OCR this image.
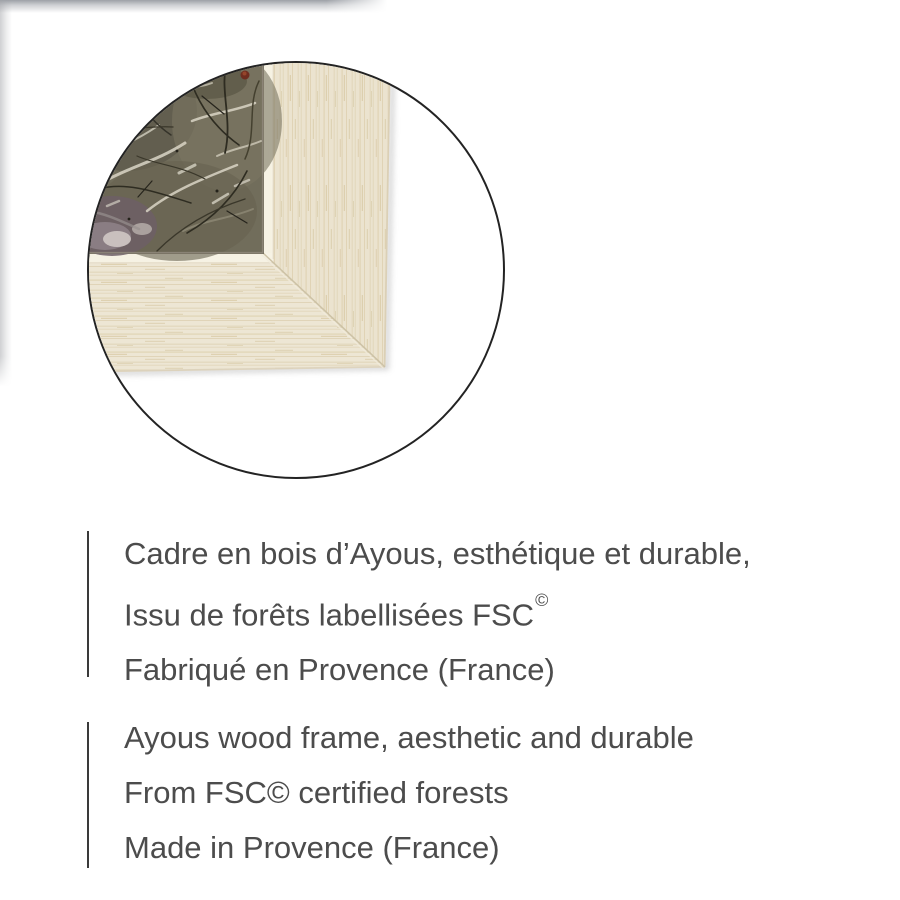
Cadre en bois d’Ayous, esthétique et durable,

Issu de forêts labellisées FSC©

Fabriqué en Provence (France)

Ayous wood frame, aesthetic and durable

From FSC© certified forests

Made in Provence (France)
